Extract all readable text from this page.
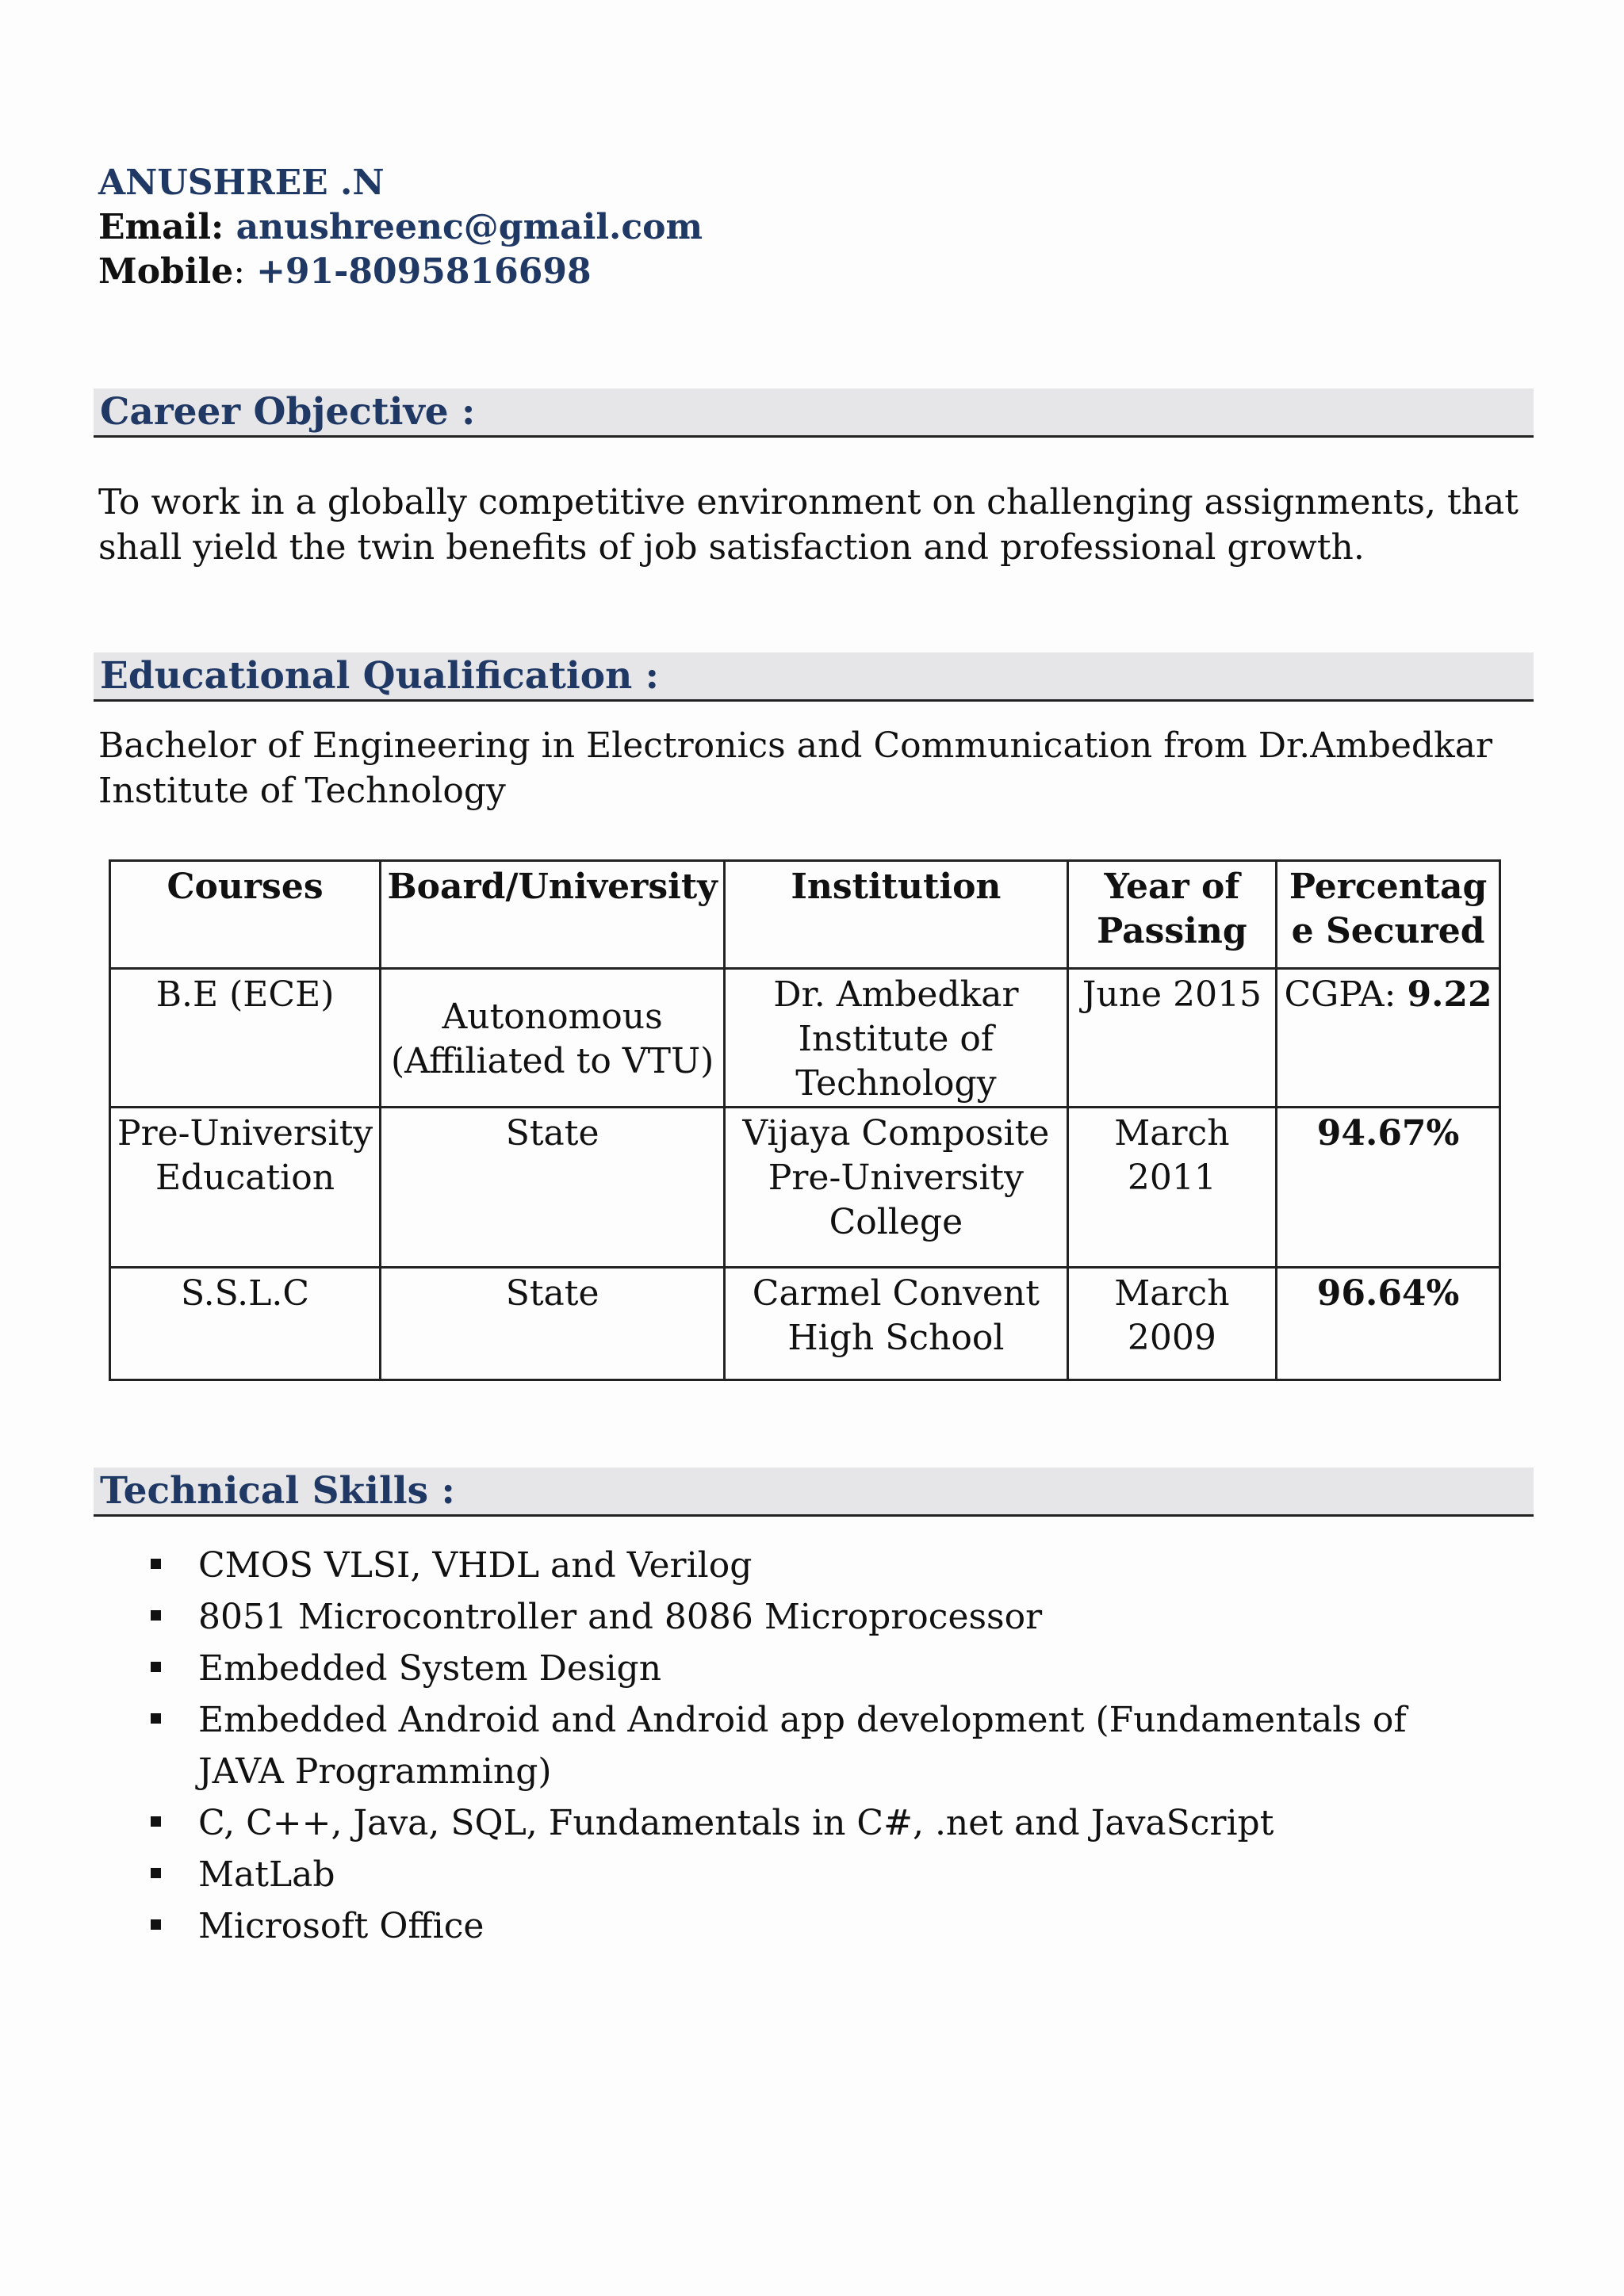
ANUSHREE .N
Email: anushreenc@gmail.com
Mobile: +91-8095816698
Career Objective :
To work in a globally competitive environment on challenging assignments, that shall yield the twin benefits of job satisfaction and professional growth.
Educational Qualification :
Bachelor of Engineering in Electronics and Communication from Dr.Ambedkar Institute of Technology
Courses	Board/University	Institution	Year of Passing	Percentag e Secured
B.E (ECE)	Autonomous (Affiliated to VTU)	Dr. Ambedkar Institute of Technology	June 2015	CGPA: 9.22
Pre-University Education	State	Vijaya Composite Pre-University College	March 2011	94.67%
S.S.L.C	State	Carmel Convent High School	March 2009	96.64%
Technical Skills :
CMOS VLSI, VHDL and Verilog
8051 Microcontroller and 8086 Microprocessor
Embedded System Design
Embedded Android and Android app development (Fundamentals of JAVA Programming)
C, C++, Java, SQL, Fundamentals in C#, .net and JavaScript
MatLab
Microsoft Office
